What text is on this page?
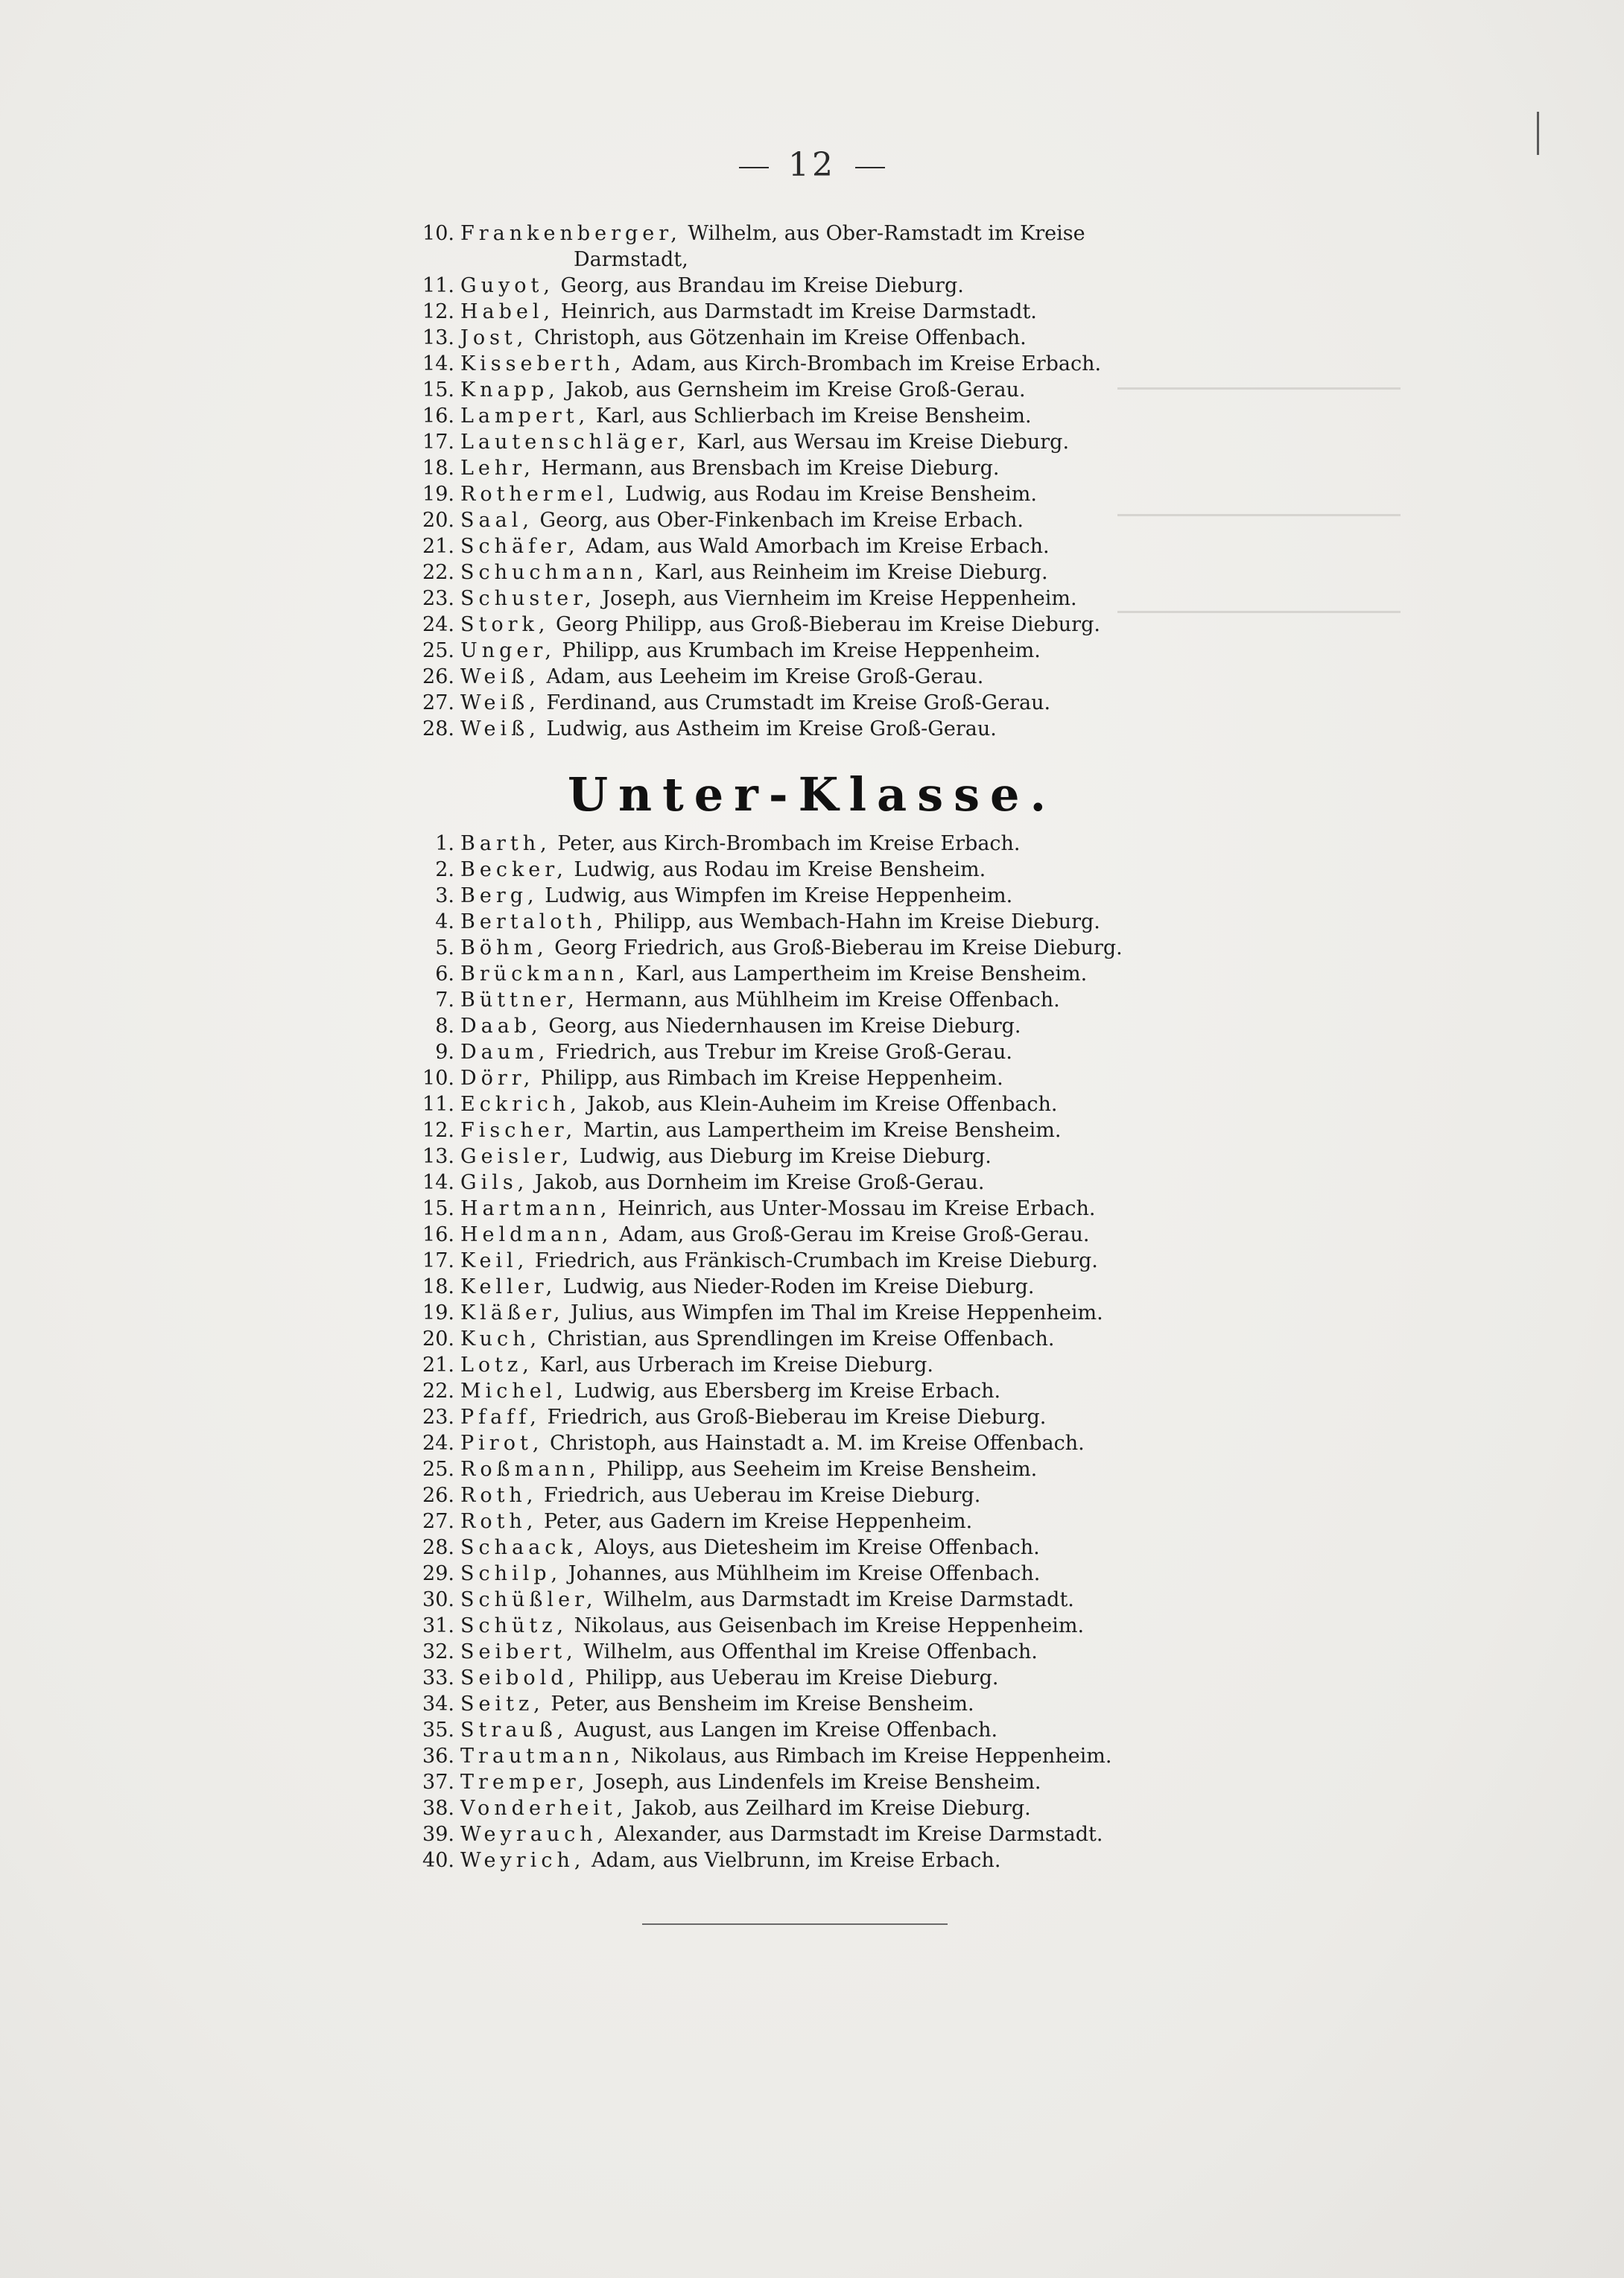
12
10. Frankenberger, Wilhelm, aus Ober-Ramstadt im Kreise
Darmstadt,
11. Guyot, Georg, aus Brandau im Kreise Dieburg.
12. Habel, Heinrich, aus Darmstadt im Kreise Darmstadt.
13. Jost, Christoph, aus Götzenhain im Kreise Offenbach.
14. Kisseberth, Adam, aus Kirch-Brombach im Kreise Erbach.
15. Knapp, Jakob, aus Gernsheim im Kreise Groß-Gerau.
16. Lampert, Karl, aus Schlierbach im Kreise Bensheim.
17. Lautenschläger, Karl, aus Wersau im Kreise Dieburg.
18. Lehr, Hermann, aus Brensbach im Kreise Dieburg.
19. Rothermel, Ludwig, aus Rodau im Kreise Bensheim.
20. Saal, Georg, aus Ober-Finkenbach im Kreise Erbach.
21. Schäfer, Adam, aus Wald Amorbach im Kreise Erbach.
22. Schuchmann, Karl, aus Reinheim im Kreise Dieburg.
23. Schuster, Joseph, aus Viernheim im Kreise Heppenheim.
24. Stork, Georg Philipp, aus Groß-Bieberau im Kreise Dieburg.
25. Unger, Philipp, aus Krumbach im Kreise Heppenheim.
26. Weiß, Adam, aus Leeheim im Kreise Groß-Gerau.
27. Weiß, Ferdinand, aus Crumstadt im Kreise Groß-Gerau.
28. Weiß, Ludwig, aus Astheim im Kreise Groß-Gerau.
Unter-Klasse.
1. Barth, Peter, aus Kirch-Brombach im Kreise Erbach.
2. Becker, Ludwig, aus Rodau im Kreise Bensheim.
3. Berg, Ludwig, aus Wimpfen im Kreise Heppenheim.
4. Bertaloth, Philipp, aus Wembach-Hahn im Kreise Dieburg.
5. Böhm, Georg Friedrich, aus Groß-Bieberau im Kreise Dieburg.
6. Brückmann, Karl, aus Lampertheim im Kreise Bensheim.
7. Büttner, Hermann, aus Mühlheim im Kreise Offenbach.
8. Daab, Georg, aus Niedernhausen im Kreise Dieburg.
9. Daum, Friedrich, aus Trebur im Kreise Groß-Gerau.
10. Dörr, Philipp, aus Rimbach im Kreise Heppenheim.
11. Eckrich, Jakob, aus Klein-Auheim im Kreise Offenbach.
12. Fischer, Martin, aus Lampertheim im Kreise Bensheim.
13. Geisler, Ludwig, aus Dieburg im Kreise Dieburg.
14. Gils, Jakob, aus Dornheim im Kreise Groß-Gerau.
15. Hartmann, Heinrich, aus Unter-Mossau im Kreise Erbach.
16. Heldmann, Adam, aus Groß-Gerau im Kreise Groß-Gerau.
17. Keil, Friedrich, aus Fränkisch-Crumbach im Kreise Dieburg.
18. Keller, Ludwig, aus Nieder-Roden im Kreise Dieburg.
19. Kläßer, Julius, aus Wimpfen im Thal im Kreise Heppenheim.
20. Kuch, Christian, aus Sprendlingen im Kreise Offenbach.
21. Lotz, Karl, aus Urberach im Kreise Dieburg.
22. Michel, Ludwig, aus Ebersberg im Kreise Erbach.
23. Pfaff, Friedrich, aus Groß-Bieberau im Kreise Dieburg.
24. Pirot, Christoph, aus Hainstadt a. M. im Kreise Offenbach.
25. Roßmann, Philipp, aus Seeheim im Kreise Bensheim.
26. Roth, Friedrich, aus Ueberau im Kreise Dieburg.
27. Roth, Peter, aus Gadern im Kreise Heppenheim.
28. Schaack, Aloys, aus Dietesheim im Kreise Offenbach.
29. Schilp, Johannes, aus Mühlheim im Kreise Offenbach.
30. Schüßler, Wilhelm, aus Darmstadt im Kreise Darmstadt.
31. Schütz, Nikolaus, aus Geisenbach im Kreise Heppenheim.
32. Seibert, Wilhelm, aus Offenthal im Kreise Offenbach.
33. Seibold, Philipp, aus Ueberau im Kreise Dieburg.
34. Seitz, Peter, aus Bensheim im Kreise Bensheim.
35. Strauß, August, aus Langen im Kreise Offenbach.
36. Trautmann, Nikolaus, aus Rimbach im Kreise Heppenheim.
37. Tremper, Joseph, aus Lindenfels im Kreise Bensheim.
38. Vonderheit, Jakob, aus Zeilhard im Kreise Dieburg.
39. Weyrauch, Alexander, aus Darmstadt im Kreise Darmstadt.
40. Weyrich, Adam, aus Vielbrunn, im Kreise Erbach.
